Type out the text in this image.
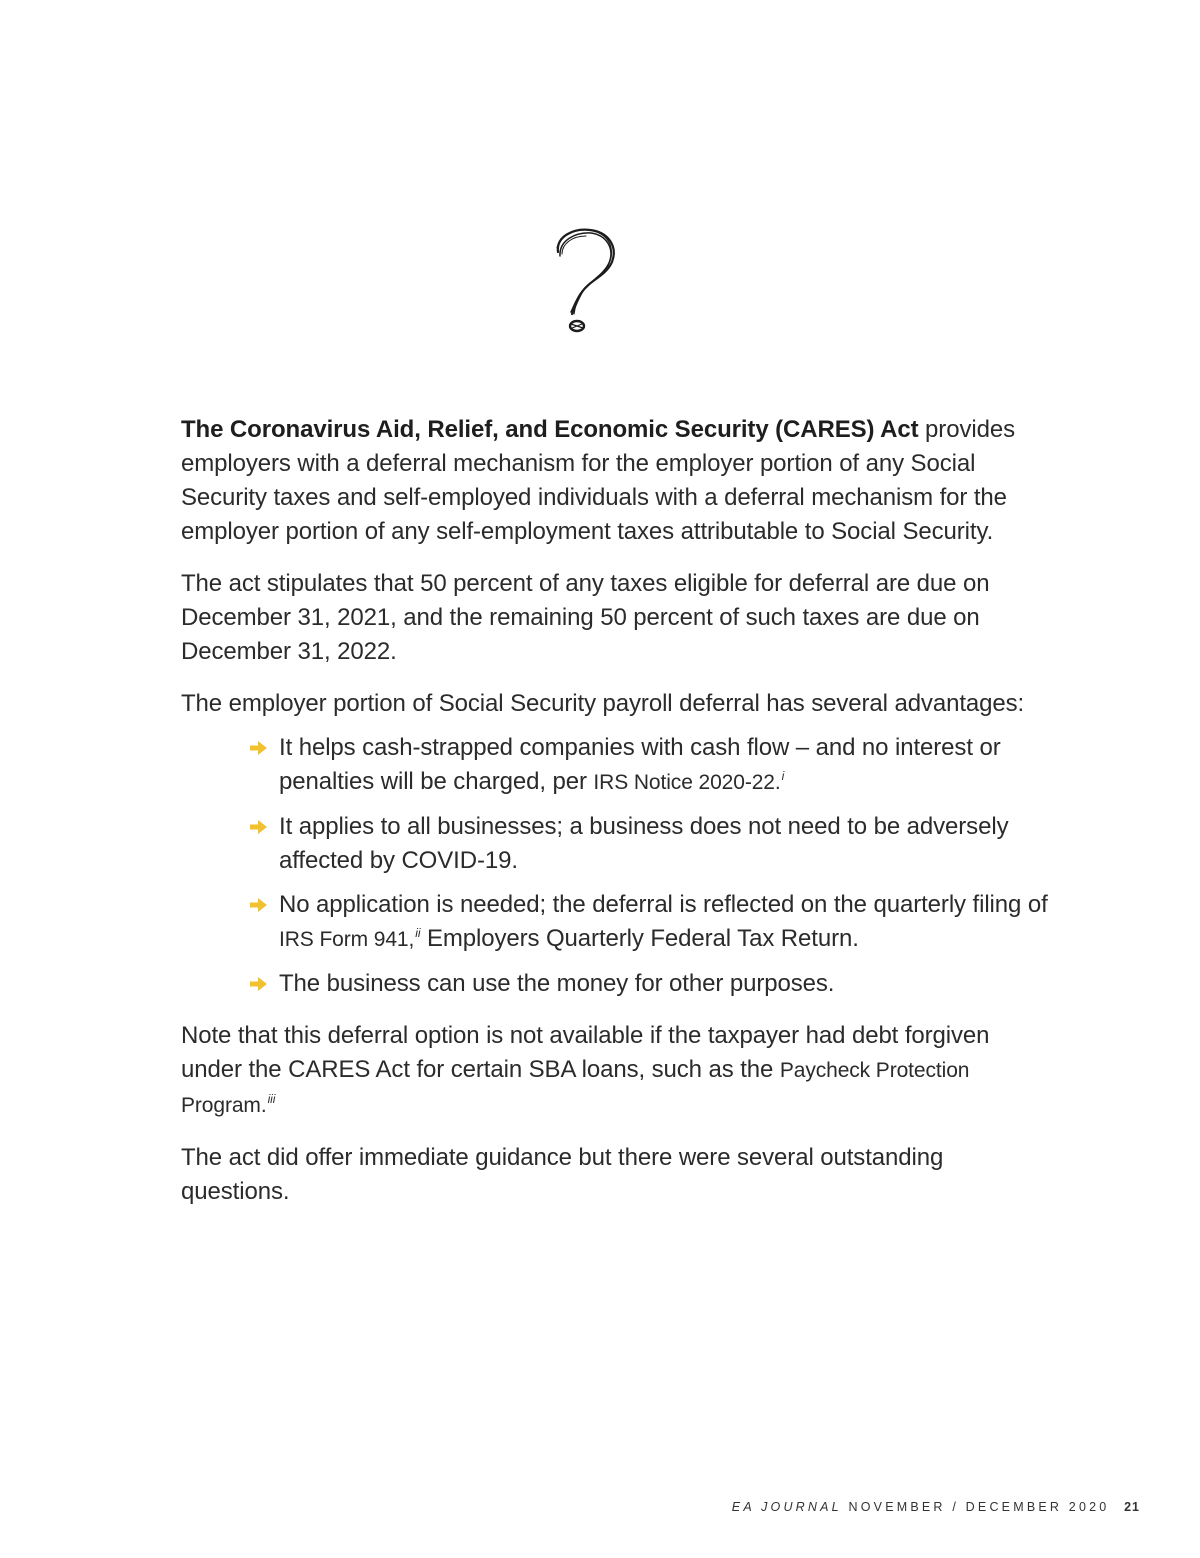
The Coronavirus Aid, Relief, and Economic Security (CARES) Act provides employers with a deferral mechanism for the employer portion of any Social Security taxes and self-employed individuals with a deferral mechanism for the employer portion of any self-employment taxes attributable to Social Security.

The act stipulates that 50 percent of any taxes eligible for deferral are due on December 31, 2021, and the remaining 50 percent of such taxes are due on December 31, 2022.

The employer portion of Social Security payroll deferral has several advantages:

It helps cash-strapped companies with cash flow – and no interest or penalties will be charged, per IRS Notice 2020-22.$^i$
It applies to all businesses; a business does not need to be adversely affected by COVID-19.
No application is needed; the deferral is reflected on the quarterly filing of IRS Form 941,$^{ii}$ Employers Quarterly Federal Tax Return.
The business can use the money for other purposes.

Note that this deferral option is not available if the taxpayer had debt forgiven under the CARES Act for certain SBA loans, such as the Paycheck Protection Program.$^{iii}$

The act did offer immediate guidance but there were several outstanding questions.

EA JOURNAL NOVEMBER / DECEMBER 2020 21
